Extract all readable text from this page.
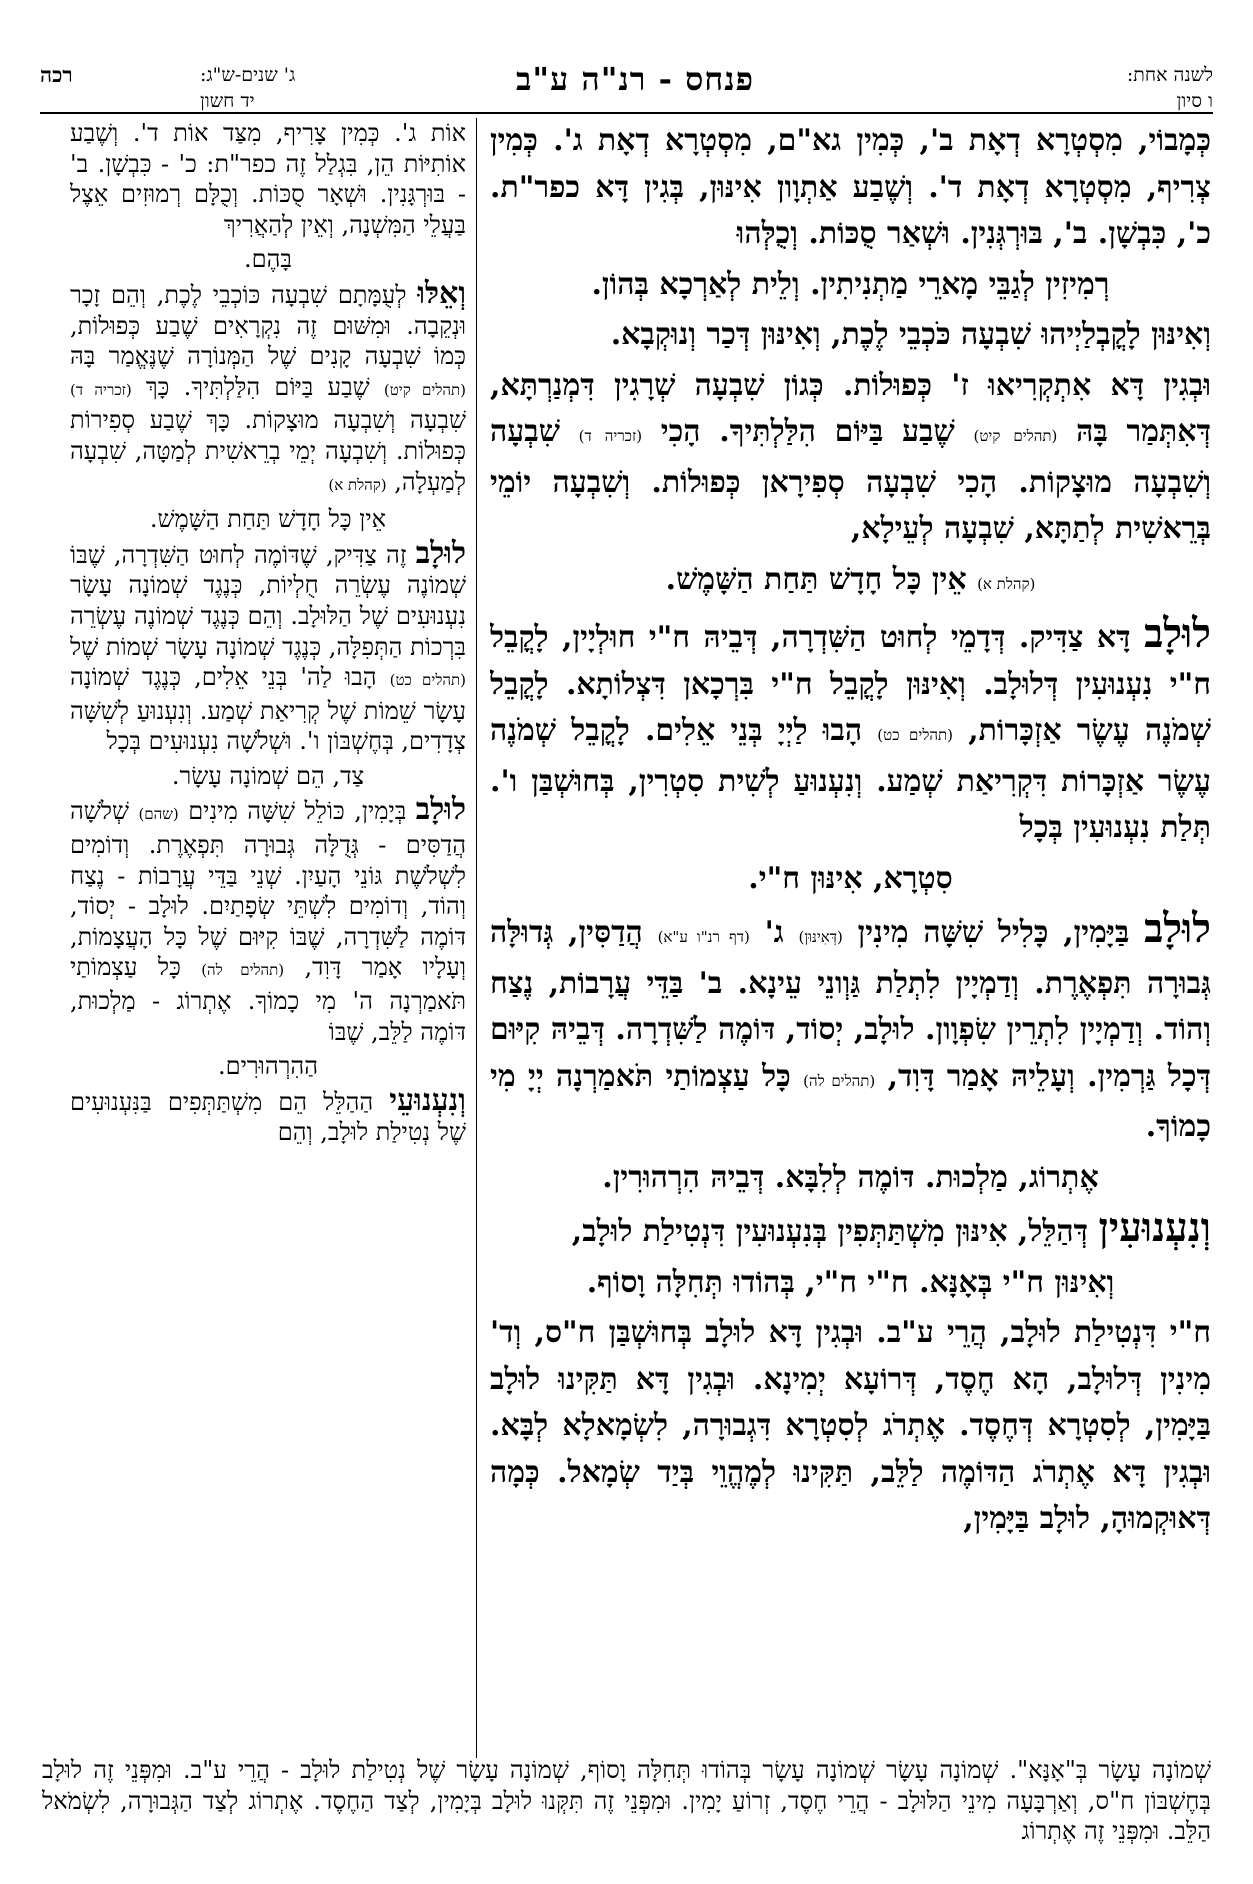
לשנה אחת:
ו סיון
פנחס - רנ"ה ע"ב
ג' שנים-ש"ג:
יד חשון
רכה

כְּמָבוֹי, מִסְטְרָא דְאָת ב', כְּמִין גא"ם, מִסְטְרָא דְאָת ג'. כְּמִין צְרִיף, מִסְטְרָא דְאָת ד'. וְשֶׁבַע אַתְוָון אִינּוּן, בְּגִין דָּא כפר"ת. כ', כִּבְשָׁן. ב', בּוּרְגְּנִין. וּשְׁאַר סֻכּוֹת. וְכֻלְּהוּ

רְמִיזִין לְגַבֵּי מָארֵי מַתְנִיתִין. וְלֵית לְאַרְכָא בְּהוֹן.

וְאִינּוּן לָקֳבְלַיְיהוּ שִׁבְעָה כֹּכְבֵי לֶכֶת, וְאִינּוּן דְּכַר וְנוּקְבָא.

וּבְגִין דָּא אִתְקְרִיאוּ ז' כְּפוּלוֹת. כְּגוֹן שִׁבְעָה שְׁרָגִין דִּמְנַרְתָּא, דְּאִתְּמַר בָּהּ (תהלים קיט) שֶׁבַע בַּיּוֹם הִלַּלְתִּיךָ. הָכִי (זכריה ד) שִׁבְעָה וְשִׁבְעָה מוּצָקוֹת. הָכִי שִׁבְעָה סְפִירָאן כְּפוּלוֹת. וְשִׁבְעָה יוֹמֵי בְּרֵאשִׁית לְתַתָּא, שִׁבְעָה לְעֵילָא,

(קהלת א) אֵין כָּל חָדָשׁ תַּחַת הַשָּׁמֶשׁ.

לוּלָב דָּא צַדִּיק. דְּדָמֵי לְחוּט הַשִּׁדְרָה, דְּבֵיהּ ח"י חוּלְיָין, לָקֳבֵל ח"י נִעְנוּעִין דְּלוּלָב. וְאִינּוּן לָקֳבֵל ח"י בִּרְכָאן דִּצְלוֹתָא. לָקֳבֵל שְׁמֹנֶה עֶשֶׂר אַזְכָּרוֹת, (תהלים כט) הָבוּ לַיְיָ בְּנֵי אֵלִים. לָקֳבֵל שְׁמֹנֶה עֶשֶׂר אַזְכָּרוֹת דִּקְרִיאַת שְׁמַע. וְנִעְנוּעַ לְשִׁית סִטְרִין, בְּחוּשְׁבַּן ו'. תְּלַת נִעְנוּעִין בְּכָל

סִטְרָא, אִינּוּן ח"י.

לוּלָב בַּיָּמִין, כָּלִיל שִׁשָּׁה מִינִין (דְּאִינּוּן) ג' (דף רנ"ו ע"א) הֲדַסִּין, גְּדוּלָּה גְּבוּרָה תִּפְאֶרֶת. וְדַמְיָין לִתְלַת גַּוְונֵי עֵינָא. ב' בַּדֵּי עֲרָבוֹת, נֶצַח וְהוֹד. וְדַמְיָין לִתְרֵין שִׂפְוָון. לוּלָב, יְסוֹד, דּוֹמֶה לַשִּׁדְרָה. דְּבֵיהּ קִיּוּם דְּכָל גַּרְמִין. וְעָלֵיהּ אָמַר דָּוִד, (תהלים לה) כָּל עַצְמוֹתַי תֹּאמַרְנָה יְיָ מִי כָמוֹךָ.

אֶתְרוֹג, מַלְכוּת. דּוֹמֶה לְלִבָּא. דְּבֵיהּ הִרְהוּרִין.

וְנִעְנוּעִין דְּהַלֵּל, אִינּוּן מִשְׁתַּתְּפִין בְּנִעְנוּעִין דִּנְטִילַת לוּלָב,

וְאִינּוּן ח"י בְּאָנָּא. ח"י ח"י, בְּהוֹדוּ תְּחִלָּה וָסוֹף.

ח"י דִּנְטִילַת לוּלָב, הֲרֵי ע"ב. וּבְגִין דָּא לוּלָב בְּחוּשְׁבַּן ח"ס, וְד' מִינִין דְּלוּלָב, הָא חֶסֶד, דְּרוֹעָא יְמִינָא. וּבְגִין דָּא תַּקִּינוּ לוּלָב בַּיָּמִין, לְסִטְרָא דְּחֶסֶד. אֶתְרֹג לְסִטְרָא דִּגְבוּרָה, לִשְׂמָאלָא לְבָּא. וּבְגִין דָּא אֶתְרֹג הַדּוֹמֶה לַלֵּב, תַּקִּינוּ לְמֶהֱוֵי בְּיַד שְׂמָאל. כְּמָה דְּאוּקְמוּהָ, לוּלָב בַּיָּמִין,

אוֹת ג'. כְּמִין צָרִיף, מִצַּד אוֹת ד'. וְשֶׁבַע אוֹתִיּוֹת הֵן, בִּגְלַל זֶה כפר"ת: כ' - כִּבְשָׁן. ב' - בּוּרְגָּנִין. וּשְׁאָר סֻכּוֹת. וְכֻלָּם רְמוּזִים אֵצֶל בַּעֲלֵי הַמִּשְׁנָה, וְאֵין לְהַאֲרִיךְ

בָּהֶם.

וְאֵלּוּ לְעֻמָּתָם שִׁבְעָה כּוֹכְבֵי לֶכֶת, וְהֵם זָכָר וּנְקֵבָה. וּמִשּׁוּם זֶה נִקְרָאִים שֶׁבַע כְּפוּלוֹת, כְּמוֹ שִׁבְעָה קָנִים שֶׁל הַמְּנוֹרָה שֶׁנֶּאֱמַר בָּהּ (תהלים קיט) שֶׁבַע בַּיּוֹם הִלַּלְתִּיךָ. כָּךְ (זכריה ד) שִׁבְעָה וְשִׁבְעָה מוּצָקוֹת. כָּךְ שֶׁבַע סְפִירוֹת כְּפוּלוֹת. וְשִׁבְעָה יְמֵי בְרֵאשִׁית לְמַטָּה, שִׁבְעָה לְמַעְלָה, (קהלת א)

אֵין כָּל חָדָשׁ תַּחַת הַשָּׁמֶשׁ.

לוּלָב זֶה צַדִּיק, שֶׁדּוֹמֶה לְחוּט הַשִּׁדְרָה, שֶׁבּוֹ שְׁמוֹנֶה עֶשְׂרֵה חֻלְיוֹת, כְּנֶגֶד שְׁמוֹנָה עָשָׂר נִעְנוּעִים שֶׁל הַלּוּלָב. וְהֵם כְּנֶגֶד שְׁמוֹנֶה עֶשְׂרֵה בִּרְכוֹת הַתְּפִלָּה, כְּנֶגֶד שְׁמוֹנָה עָשָׂר שְׁמוֹת שֶׁל (תהלים כט) הָבוּ לַה' בְּנֵי אֵלִים, כְּנֶגֶד שְׁמוֹנָה עָשָׂר שֵׁמוֹת שֶׁל קְרִיאַת שְׁמַע. וְנִעְנוּעַ לְשִׁשָּׁה צְדָדִים, בְּחֶשְׁבּוֹן ו'. וּשְׁלֹשָׁה נִעְנוּעִים בְּכָל

צַד, הֵם שְׁמוֹנָה עָשָׂר.

לוּלָב בְּיָמִין, כּוֹלֵל שִׁשָּׁה מִינִים (שהם) שְׁלֹשָׁה הֲדַסִּים - גְּדֻלָּה גְּבוּרָה תִּפְאֶרֶת. וְדוֹמִים לִשְׁלֹשֶׁת גּוֹנֵי הָעַיִן. שְׁנֵי בַּדֵּי עֲרָבוֹת - נֶצַח וְהוֹד, וְדוֹמִים לִשְׁתֵּי שְׂפָתַיִם. לוּלָב - יְסוֹד, דּוֹמֶה לַשִּׁדְרָה, שֶׁבּוֹ קִיּוּם שֶׁל כָּל הָעֲצָמוֹת, וְעָלָיו אָמַר דָּוִד, (תהלים לה) כָּל עַצְמוֹתַי תֹּאמַרְנָה ה' מִי כָמוֹךָ. אֶתְרוֹג - מַלְכוּת, דּוֹמֶה לַלֵּב, שֶׁבּוֹ

הַהִרְהוּרִים.

וְנִעְנוּעֵי הַהַלֵּל הֵם מִשְׁתַּתְּפִים בַּנִּעְנוּעִים שֶׁל נְטִילַת לוּלָב, וְהֵם

שְׁמוֹנָה עָשָׂר בְּ"אָנָּא". שְׁמוֹנָה עָשָׂר שְׁמוֹנָה עָשָׂר בְּהוֹדוּ תְּחִלָּה וָסוֹף, שְׁמוֹנָה עָשָׂר שֶׁל נְטִילַת לוּלָב - הֲרֵי ע"ב. וּמִפְּנֵי זֶה לוּלָב בְּחֶשְׁבּוֹן ח"ס, וְאַרְבָּעָה מִינֵי הַלּוּלָב - הֲרֵי חֶסֶד, זְרוֹעַ יָמִין. וּמִפְּנֵי זֶה תִּקְּנוּ לוּלָב בְּיָמִין, לְצַד הַחֶסֶד. אֶתְרוֹג לְצַד הַגְּבוּרָה, לִשְׂמֹאל הַלֵּב. וּמִפְּנֵי זֶה אֶתְרוֹג
